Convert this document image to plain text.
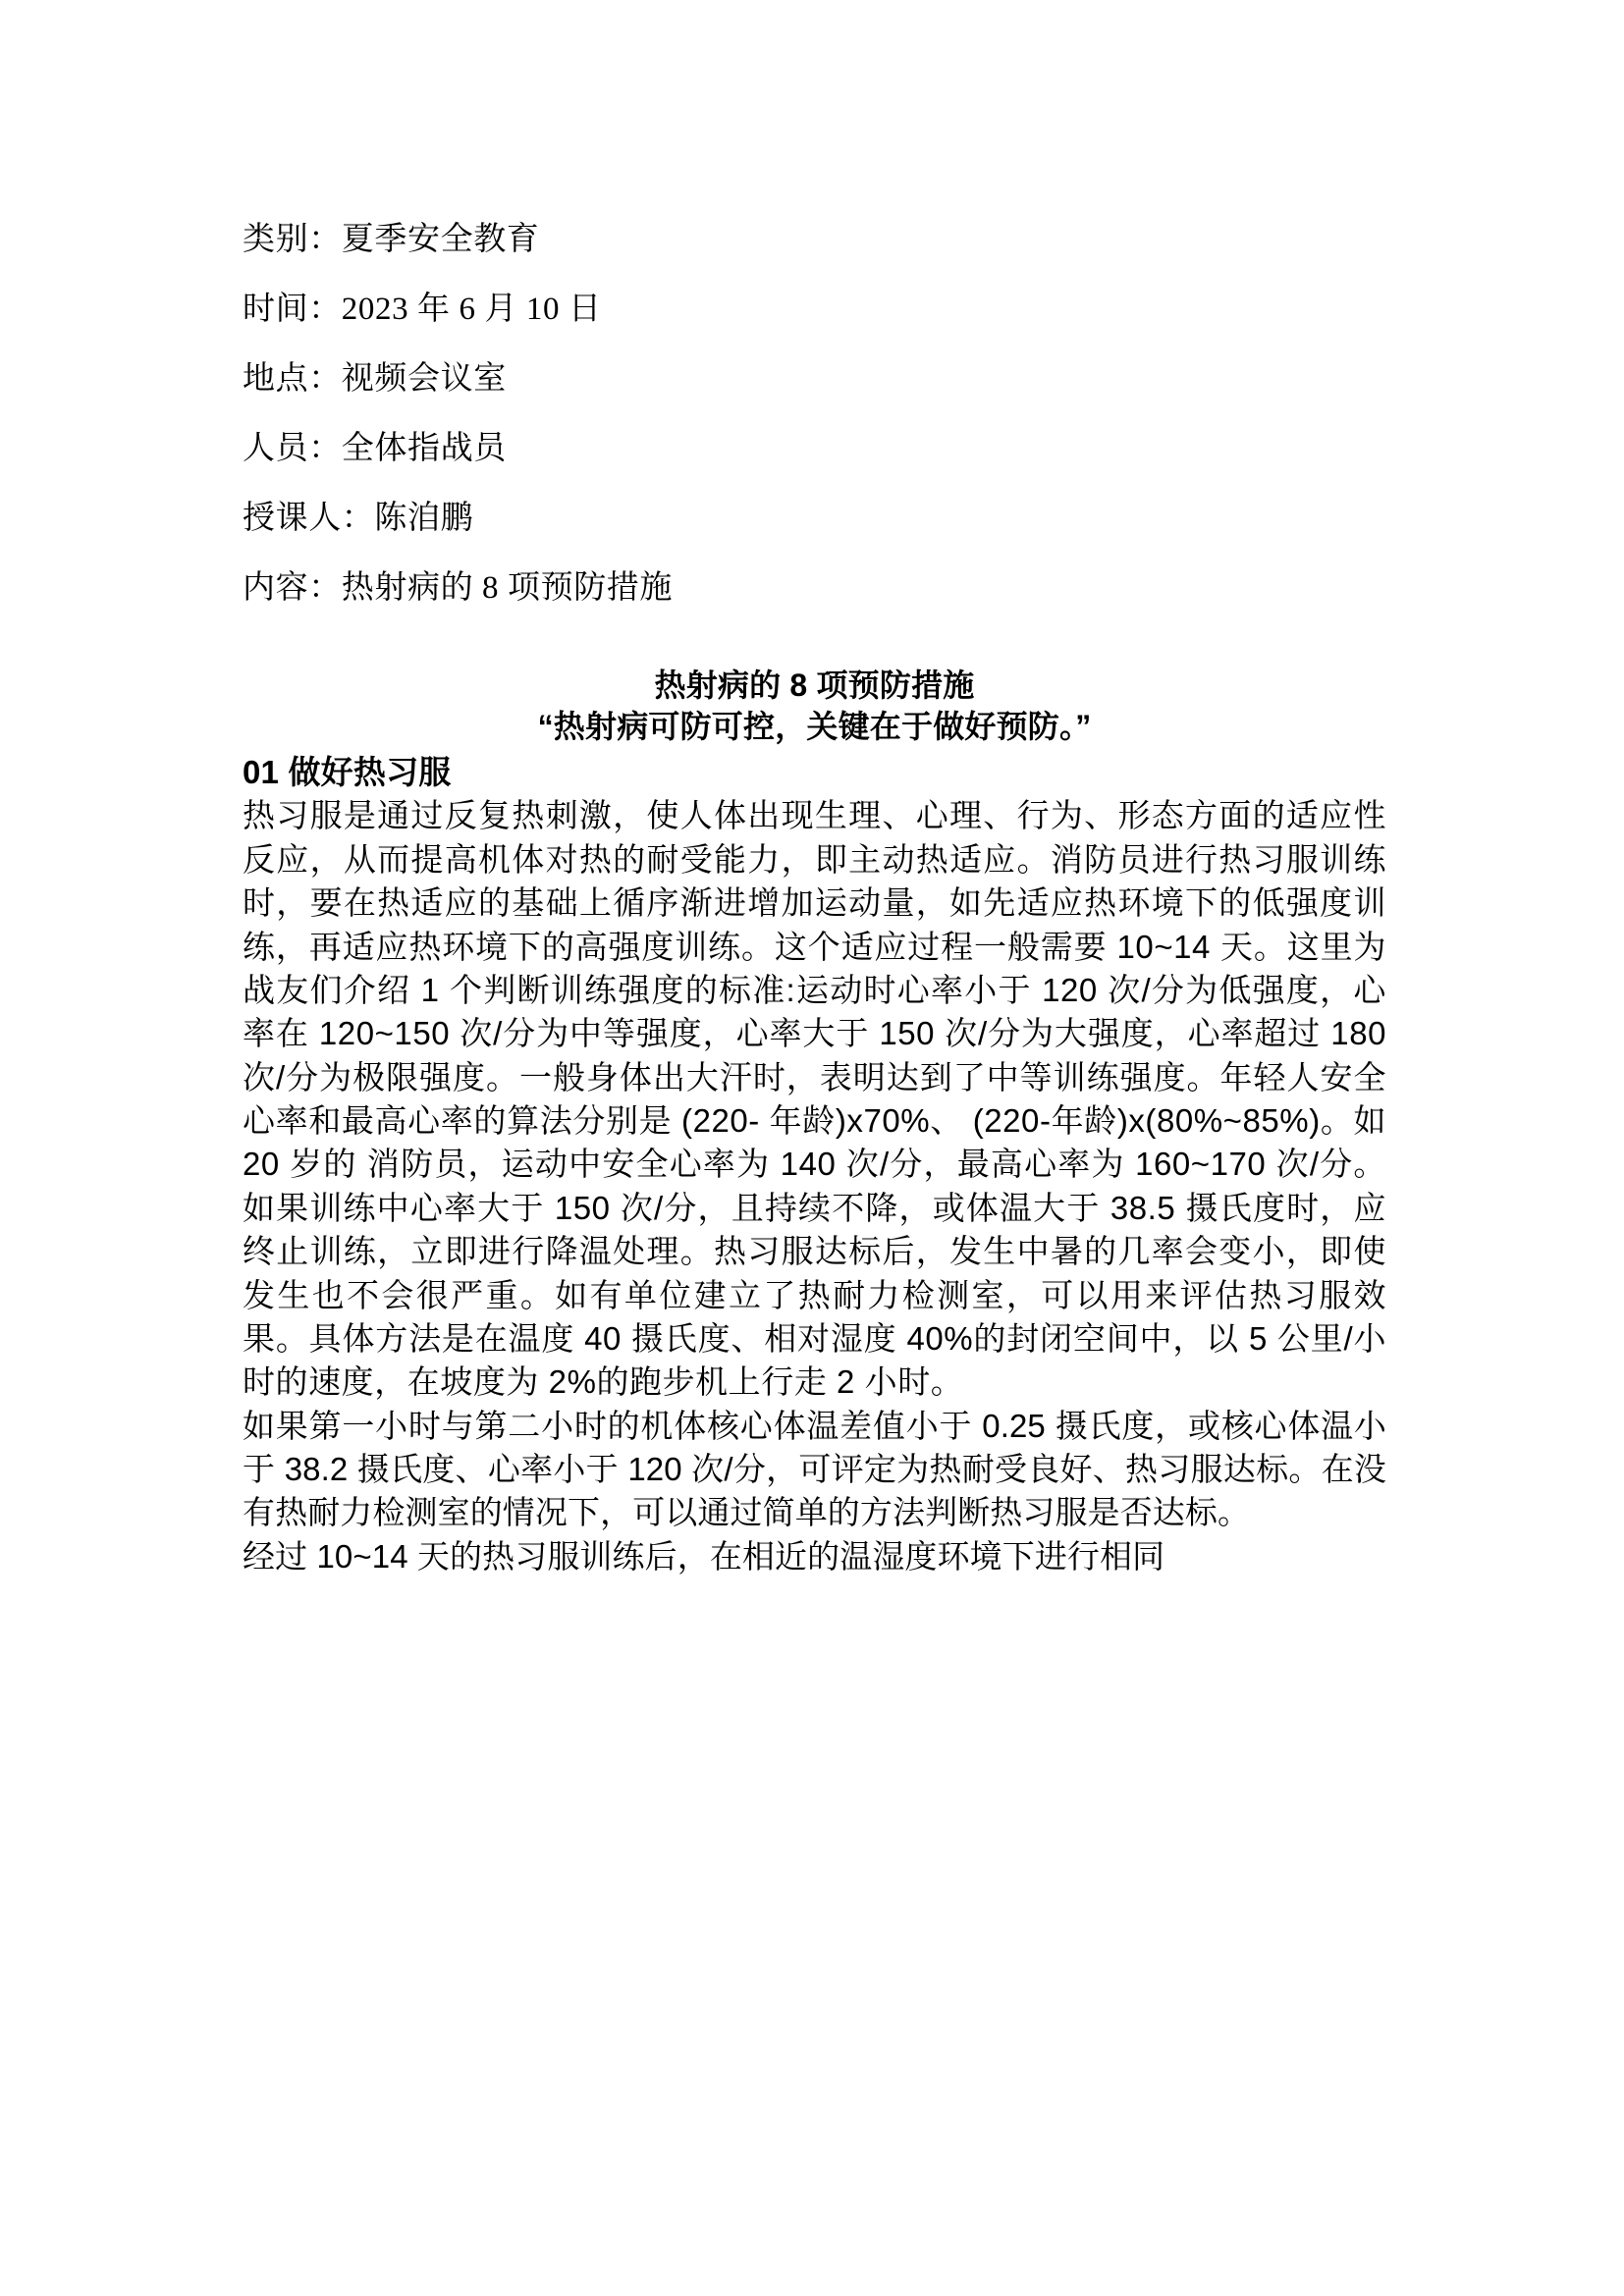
类别：夏季安全教育

时间：2023 年 6 月 10 日

地点：视频会议室

人员：全体指战员

授课人：陈洎鹏

内容：热射病的 8 项预防措施

热射病的 8 项预防措施
“热射病可防可控，关键在于做好预防。”
01 做好热习服

热习服是通过反复热刺激，使人体出现生理、心理、行为、形态方面的适应性反应，从而提高机体对热的耐受能力，即主动热适应。消防员进行热习服训练时，要在热适应的基础上循序渐进增加运动量，如先适应热环境下的低强度训练，再适应热环境下的高强度训练。这个适应过程一般需要 10~14 天。这里为战友们介绍 1 个判断训练强度的标准:运动时心率小于 120 次/分为低强度，心率在 120~150 次/分为中等强度，心率大于 150 次/分为大强度，心率超过 180 次/分为极限强度。一般身体出大汗时，表明达到了中等训练强度。年轻人安全心率和最高心率的算法分别是 (220- 年龄)x70%、 (220-年龄)x(80%~85%)。如 20 岁的 消防员，运动中安全心率为 140 次/分，最高心率为 160~170 次/分。如果训练中心率大于 150 次/分，且持续不降，或体温大于 38.5 摄氏度时，应终止训练，立即进行降温处理。热习服达标后，发生中暑的几率会变小，即使发生也不会很严重。如有单位建立了热耐力检测室，可以用来评估热习服效果。具体方法是在温度 40 摄氏度、相对湿度 40%的封闭空间中，以 5 公里/小时的速度，在坡度为 2%的跑步机上行走 2 小时。

如果第一小时与第二小时的机体核心体温差值小于 0.25 摄氏度，或核心体温小于 38.2 摄氏度、心率小于 120 次/分，可评定为热耐受良好、热习服达标。在没有热耐力检测室的情况下，可以通过简单的方法判断热习服是否达标。

经过 10~14 天的热习服训练后，在相近的温湿度环境下进行相同
